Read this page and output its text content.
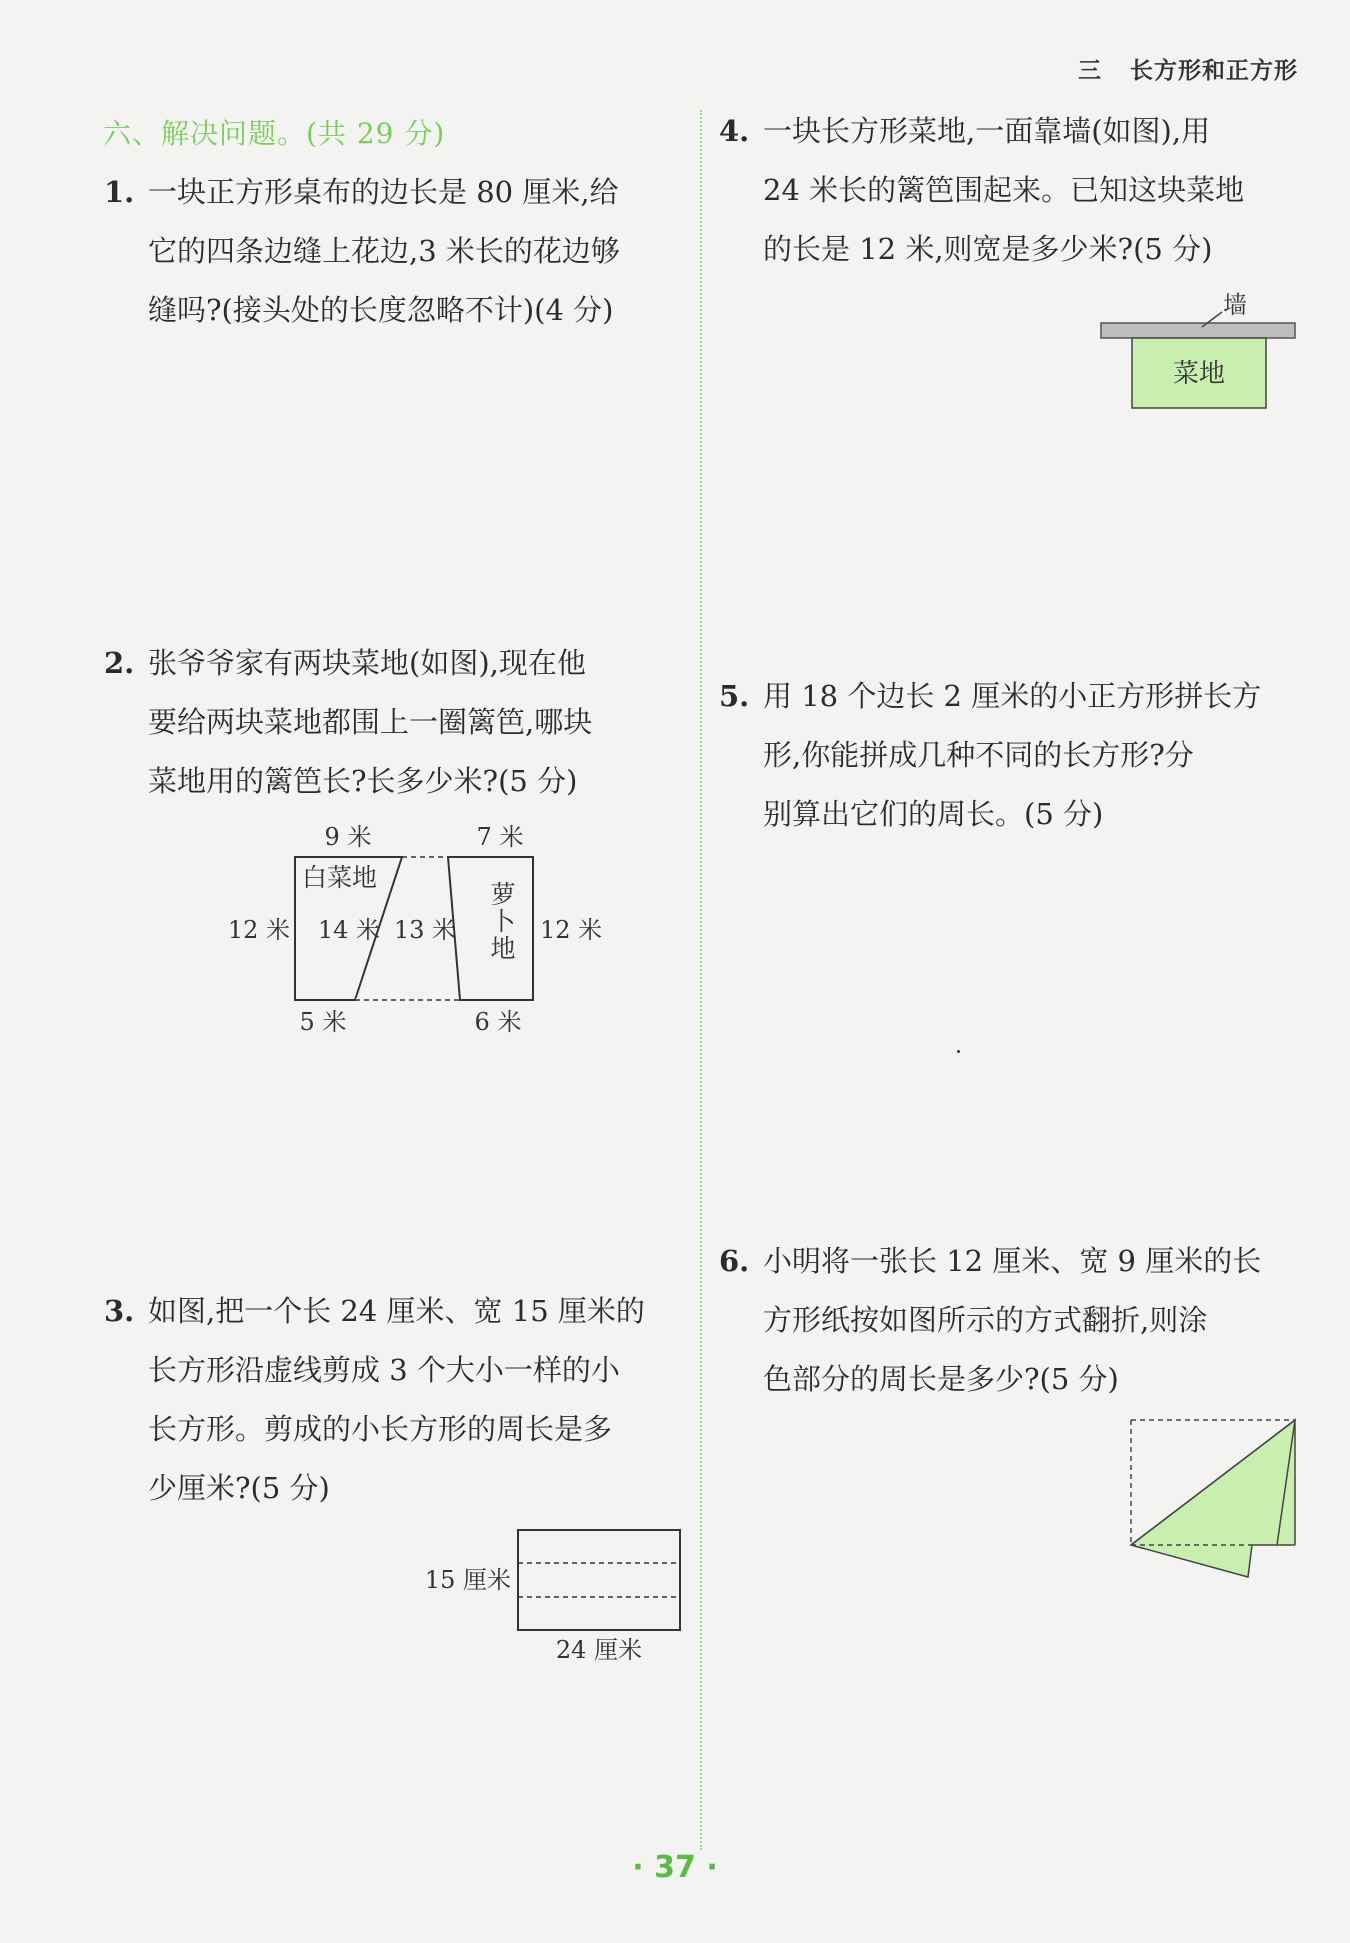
三 长方形和正方形
六、解决问题。(共 29 分)
1. 一块正方形桌布的边长是 80 厘米,给

它的四条边缝上花边,3 米长的花边够

缝吗?(接头处的长度忽略不计)(4 分)

2. 张爷爷家有两块菜地(如图),现在他

要给两块菜地都围上一圈篱笆,哪块

菜地用的篱笆长?长多少米?(5 分)

9 米	7 米
12 米	12 米
14 米 13 米
5 米	6 米
白菜地
萝
卜
地
3. 如图,把一个长 24 厘米、宽 15 厘米的

长方形沿虚线剪成 3 个大小一样的小

长方形。剪成的小长方形的周长是多

少厘米?(5 分)

15 厘米
24 厘米
4. 一块长方形菜地,一面靠墙(如图),用

24 米长的篱笆围起来。已知这块菜地

的长是 12 米,则宽是多少米?(5 分)

墙
菜地
5. 用 18 个边长 2 厘米的小正方形拼长方

形,你能拼成几种不同的长方形?分

别算出它们的周长。(5 分)

6. 小明将一张长 12 厘米、宽 9 厘米的长

方形纸按如图所示的方式翻折,则涂

色部分的周长是多少?(5 分)

· 37 ·
